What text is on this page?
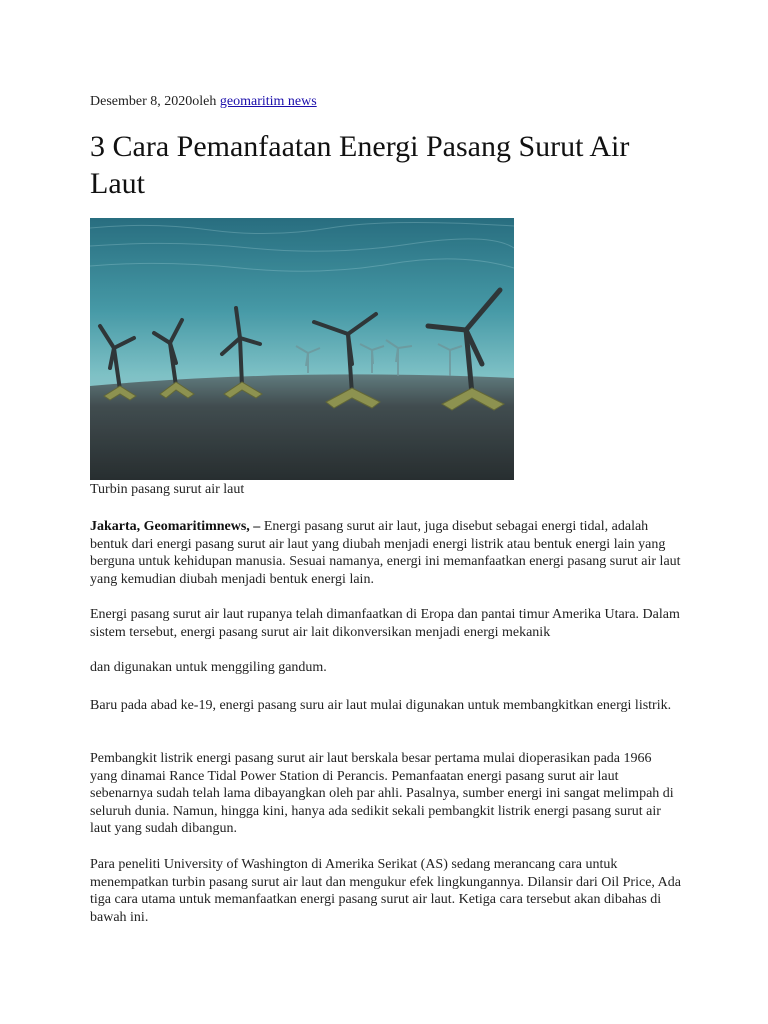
Desember 8, 2020oleh geomaritim news
3 Cara Pemanfaatan Energi Pasang Surut Air Laut
Turbin pasang surut air laut

Jakarta, Geomaritimnews, – Energi pasang surut air laut, juga disebut sebagai energi tidal, adalah bentuk dari energi pasang surut air laut yang diubah menjadi energi listrik atau bentuk energi lain yang berguna untuk kehidupan manusia. Sesuai namanya, energi ini memanfaatkan energi pasang surut air laut yang kemudian diubah menjadi bentuk energi lain.

Energi pasang surut air laut rupanya telah dimanfaatkan di Eropa dan pantai timur Amerika Utara. Dalam sistem tersebut, energi pasang surut air lait dikonversikan menjadi energi mekanik

dan digunakan untuk menggiling gandum.

Baru pada abad ke-19, energi pasang suru air laut mulai digunakan untuk membangkitkan energi listrik.

Pembangkit listrik energi pasang surut air laut berskala besar pertama mulai dioperasikan pada 1966 yang dinamai Rance Tidal Power Station di Perancis. Pemanfaatan energi pasang surut air laut sebenarnya sudah telah lama dibayangkan oleh par ahli. Pasalnya, sumber energi ini sangat melimpah di seluruh dunia. Namun, hingga kini, hanya ada sedikit sekali pembangkit listrik energi pasang surut air laut yang sudah dibangun.

Para peneliti University of Washington di Amerika Serikat (AS) sedang merancang cara untuk menempatkan turbin pasang surut air laut dan mengukur efek lingkungannya. Dilansir dari Oil Price, Ada tiga cara utama untuk memanfaatkan energi pasang surut air laut. Ketiga cara tersebut akan dibahas di bawah ini.
